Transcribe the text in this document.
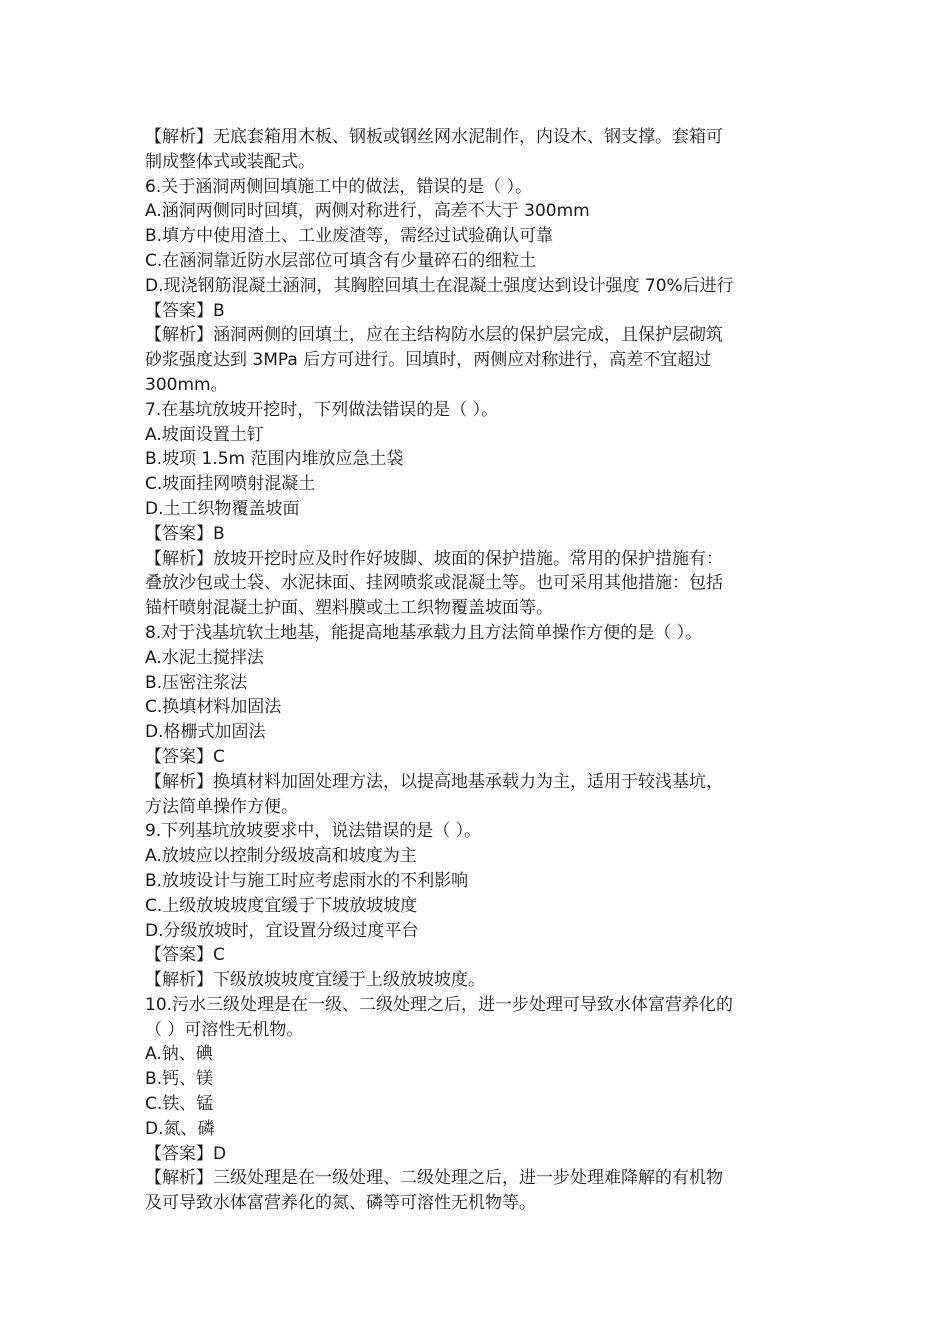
【解析】无底套箱用木板、钢板或钢丝网水泥制作，内设木、钢支撑。套箱可
制成整体式或装配式。
6.关于涵洞两侧回填施工中的做法，错误的是（ ）。
A.涵洞两侧同时回填，两侧对称进行，高差不大于 300mm
B.填方中使用渣土、工业废渣等，需经过试验确认可靠
C.在涵洞靠近防水层部位可填含有少量碎石的细粒土
D.现浇钢筋混凝土涵洞，其胸腔回填土在混凝土强度达到设计强度 70%后进行
【答案】B
【解析】涵洞两侧的回填土，应在主结构防水层的保护层完成，且保护层砌筑
砂浆强度达到 3MPa 后方可进行。回填时，两侧应对称进行，高差不宜超过
300mm。
7.在基坑放坡开挖时，下列做法错误的是（ ）。
A.坡面设置土钉
B.坡项 1.5m 范围内堆放应急土袋
C.坡面挂网喷射混凝土
D.土工织物覆盖坡面
【答案】B
【解析】放坡开挖时应及时作好坡脚、坡面的保护措施。常用的保护措施有：
叠放沙包或土袋、水泥抹面、挂网喷浆或混凝土等。也可采用其他措施：包括
锚杆喷射混凝土护面、塑料膜或土工织物覆盖坡面等。
8.对于浅基坑软土地基，能提高地基承载力且方法简单操作方便的是（ ）。
A.水泥土搅拌法
B.压密注浆法
C.换填材料加固法
D.格栅式加固法
【答案】C
【解析】换填材料加固处理方法，以提高地基承载力为主，适用于较浅基坑，
方法简单操作方便。
9.下列基坑放坡要求中，说法错误的是（ ）。
A.放坡应以控制分级坡高和坡度为主
B.放坡设计与施工时应考虑雨水的不利影响
C.上级放坡坡度宜缓于下坡放坡坡度
D.分级放坡时，宜设置分级过度平台
【答案】C
【解析】下级放坡坡度宜缓于上级放坡坡度。
10.污水三级处理是在一级、二级处理之后，进一步处理可导致水体富营养化的
（ ）可溶性无机物。
A.钠、碘
B.钙、镁
C.铁、锰
D.氮、磷
【答案】D
【解析】三级处理是在一级处理、二级处理之后，进一步处理难降解的有机物
及可导致水体富营养化的氮、磷等可溶性无机物等。
